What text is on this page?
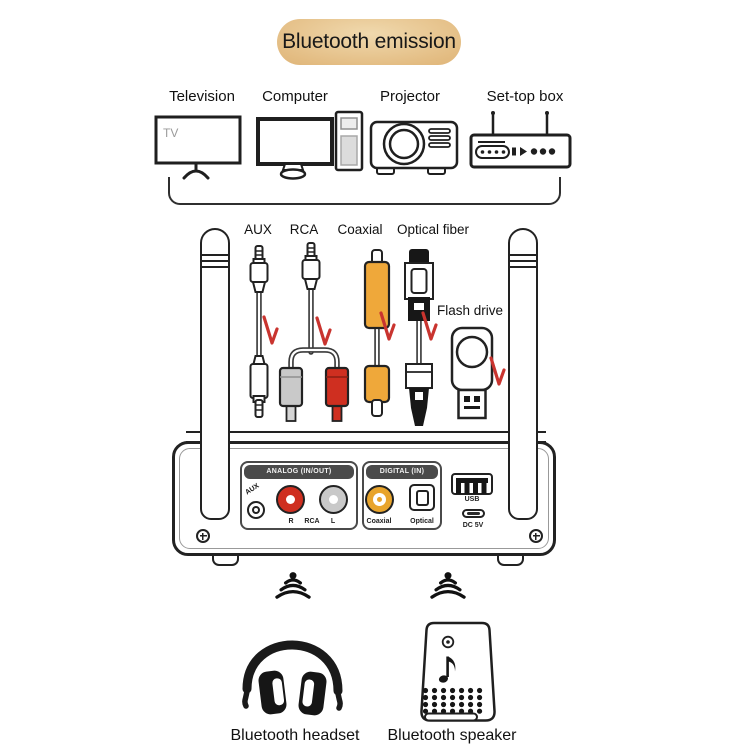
Bluetooth emission
Television Computer	Projector	Set-top box
TV
AUX RCA Coaxial Optical fiber
Flash drive
ANALOG (IN/OUT)
AUX
R RCA L
DIGITAL (IN)
Coaxial	Optical
USB
DC 5V
Bluetooth headset Bluetooth speaker
